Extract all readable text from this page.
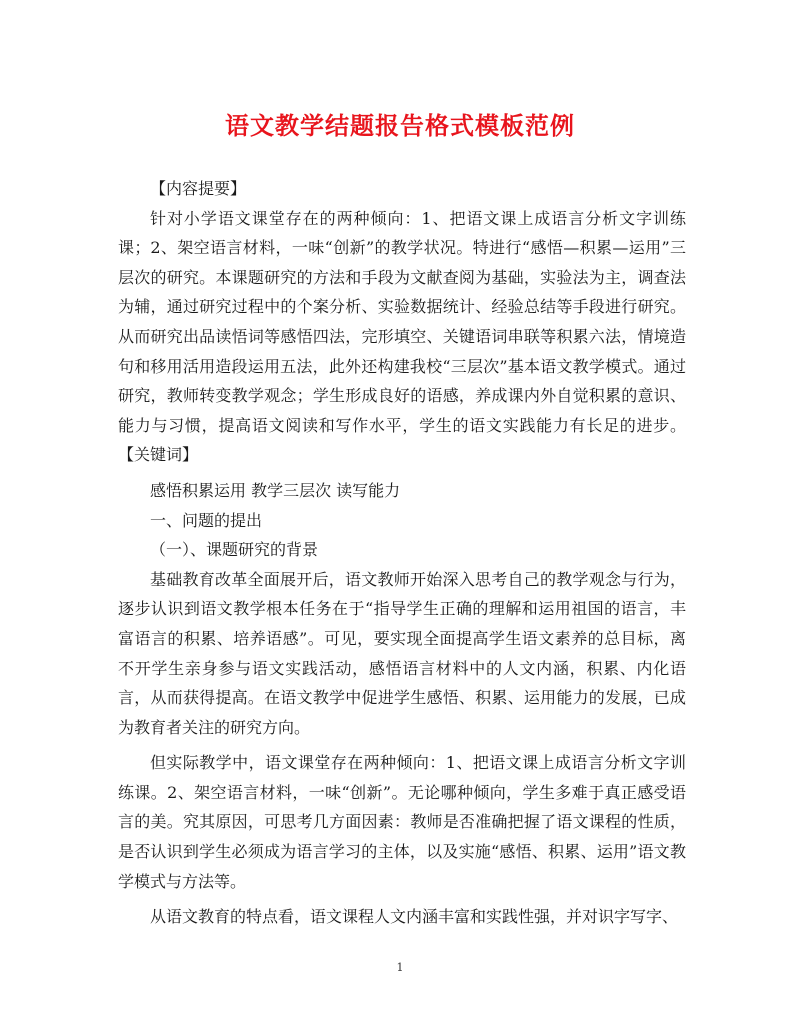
语文教学结题报告格式模板范例

【内容提要】

针对小学语文课堂存在的两种倾向：1、把语文课上成语言分析文字训练课；2、架空语言材料，一味“创新”的教学状况。特进行“感悟—积累—运用”三层次的研究。本课题研究的方法和手段为文献查阅为基础，实验法为主，调查法为辅，通过研究过程中的个案分析、实验数据统计、经验总结等手段进行研究。从而研究出品读悟词等感悟四法，完形填空、关键语词串联等积累六法，情境造句和移用活用造段运用五法，此外还构建我校“三层次”基本语文教学模式。通过研究，教师转变教学观念；学生形成良好的语感，养成课内外自觉积累的意识、能力与习惯，提高语文阅读和写作水平，学生的语文实践能力有长足的进步。 【关键词】

感悟积累运用 教学三层次 读写能力

一、问题的提出

（一）、课题研究的背景

基础教育改革全面展开后，语文教师开始深入思考自己的教学观念与行为，逐步认识到语文教学根本任务在于“指导学生正确的理解和运用祖国的语言，丰富语言的积累、培养语感”。可见，要实现全面提高学生语文素养的总目标，离不开学生亲身参与语文实践活动，感悟语言材料中的人文内涵，积累、内化语言，从而获得提高。在语文教学中促进学生感悟、积累、运用能力的发展，已成为教育者关注的研究方向。

但实际教学中，语文课堂存在两种倾向：1、把语文课上成语言分析文字训练课。2、架空语言材料，一味“创新”。无论哪种倾向，学生多难于真正感受语言的美。究其原因，可思考几方面因素：教师是否准确把握了语文课程的性质，是否认识到学生必须成为语言学习的主体，以及实施“感悟、积累、运用”语文教学模式与方法等。

从语文教育的特点看，语文课程人文内涵丰富和实践性强，并对识字写字、

1
